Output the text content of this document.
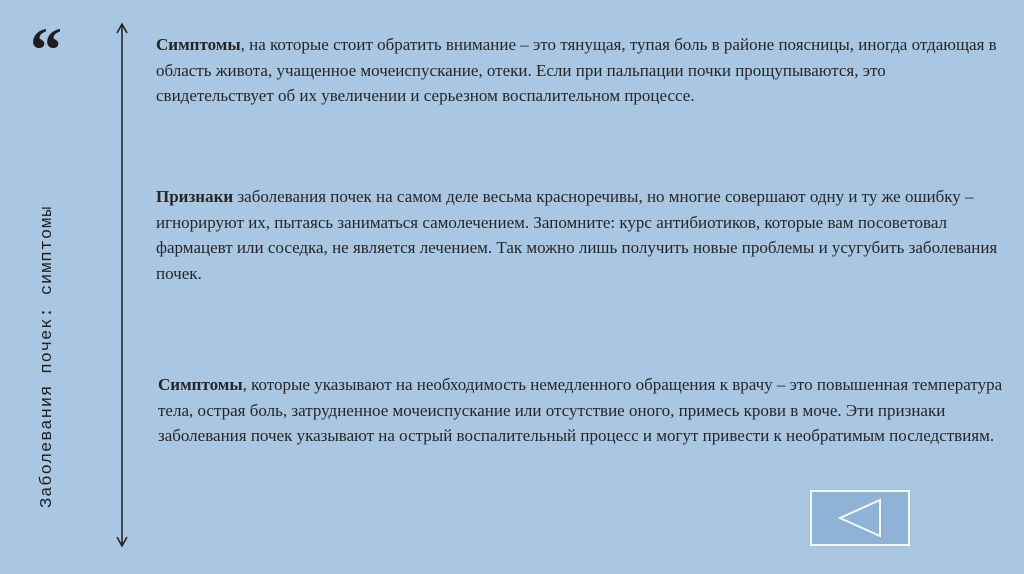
“
Заболевания почек: симптомы
Симптомы, на которые стоит обратить внимание – это тянущая, тупая боль в районе поясницы, иногда отдающая в область живота, учащенное мочеиспускание, отеки. Если при пальпации почки прощупываются, это свидетельствует об их увеличении и серьезном воспалительном процессе.
Признаки заболевания почек на самом деле весьма красноречивы, но многие совершают одну и ту же ошибку – игнорируют их, пытаясь заниматься самолечением. Запомните: курс антибиотиков, которые вам посоветовал фармацевт или соседка, не является лечением. Так можно лишь получить новые проблемы и усугубить заболевания почек.
Симптомы, которые указывают на необходимость немедленного обращения к врачу – это повышенная температура тела, острая боль, затрудненное мочеиспускание или отсутствие оного, примесь крови в моче. Эти признаки заболевания почек указывают на острый воспалительный процесс и могут привести к необратимым последствиям.
